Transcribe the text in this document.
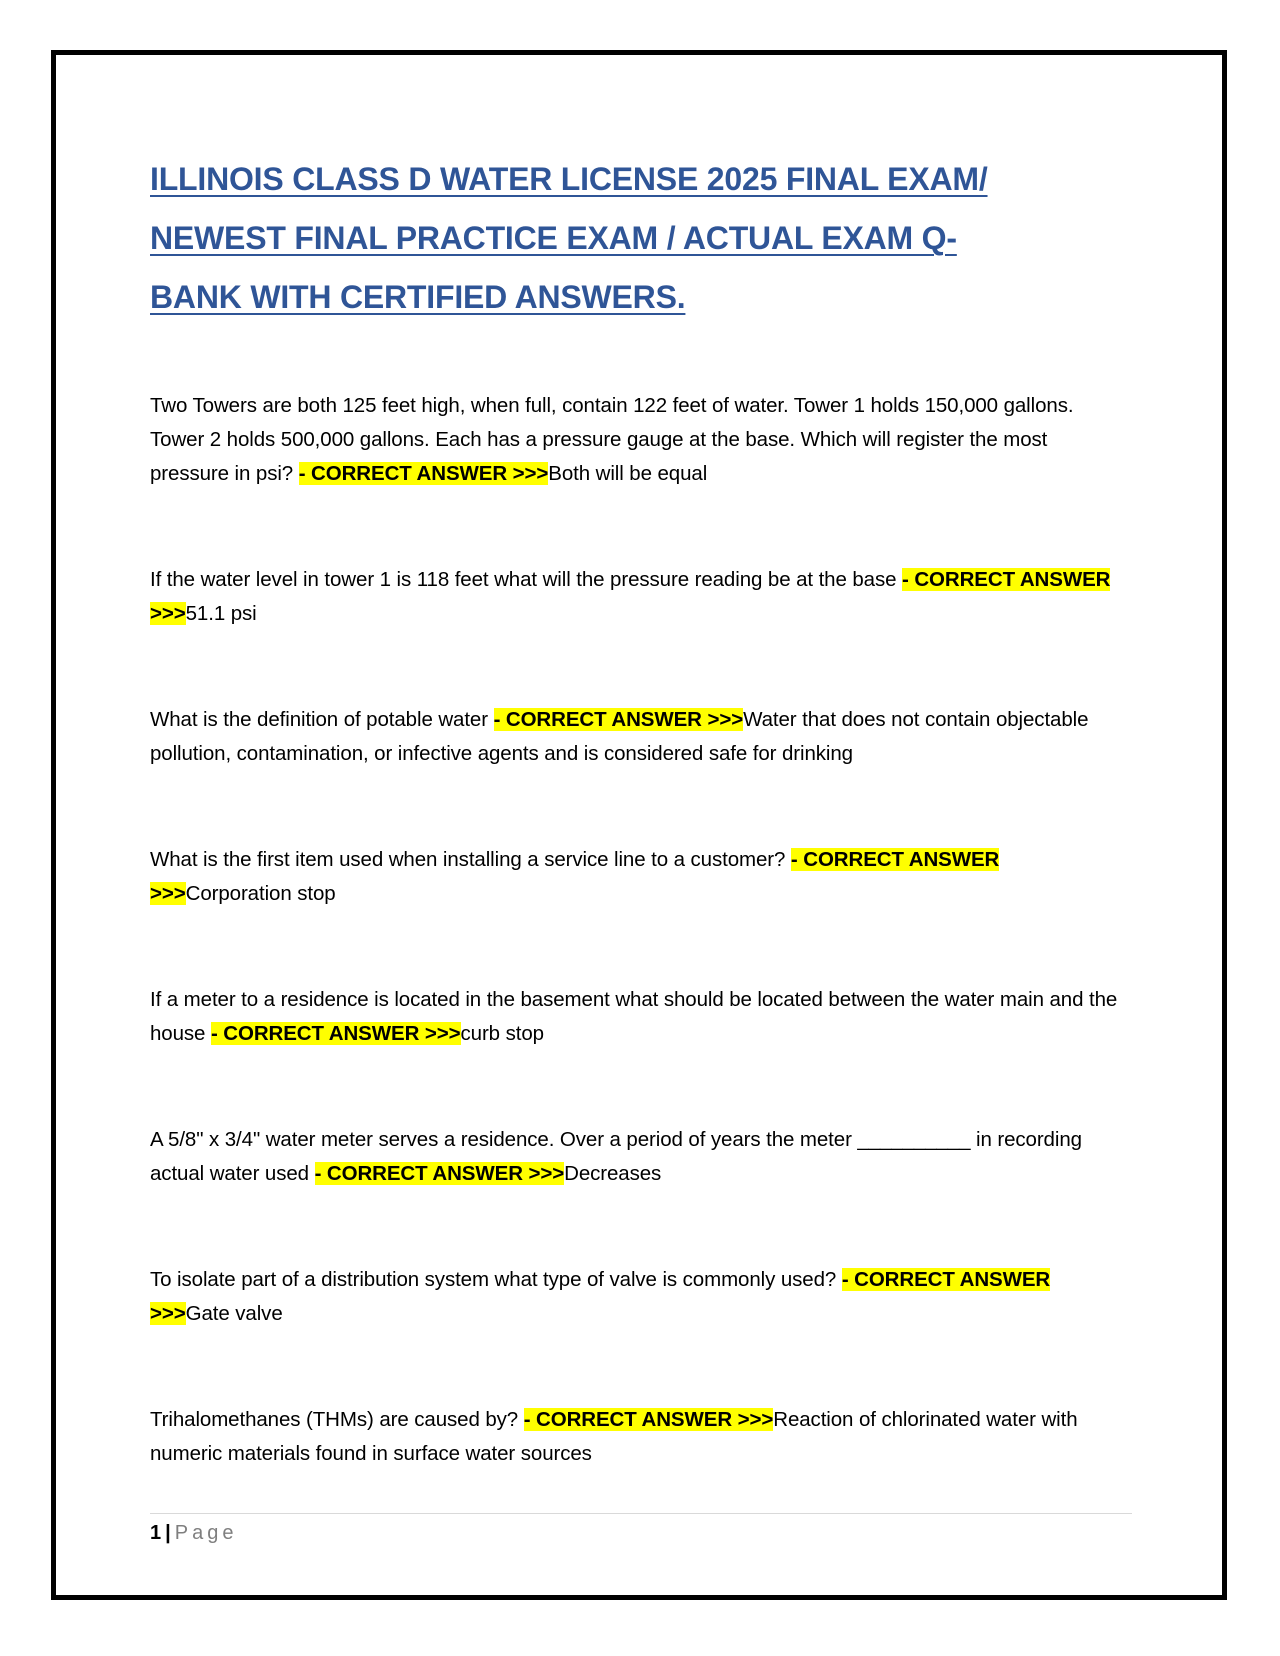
ILLINOIS CLASS D WATER LICENSE 2025 FINAL EXAM/
NEWEST FINAL PRACTICE EXAM / ACTUAL EXAM Q-
BANK WITH CERTIFIED ANSWERS.

Two Towers are both 125 feet high, when full, contain 122 feet of water. Tower 1 holds 150,000 gallons. Tower 2 holds 500,000 gallons. Each has a pressure gauge at the base. Which will register the most pressure in psi? - CORRECT ANSWER >>>Both will be equal

If the water level in tower 1 is 118 feet what will the pressure reading be at the base - CORRECT ANSWER >>>51.1 psi

What is the definition of potable water - CORRECT ANSWER >>>Water that does not contain objectable pollution, contamination, or infective agents and is considered safe for drinking

What is the first item used when installing a service line to a customer? - CORRECT ANSWER >>>Corporation stop

If a meter to a residence is located in the basement what should be located between the water main and the house - CORRECT ANSWER >>>curb stop

A 5/8" x 3/4" water meter serves a residence. Over a period of years the meter __________ in recording actual water used - CORRECT ANSWER >>>Decreases

To isolate part of a distribution system what type of valve is commonly used? - CORRECT ANSWER >>>Gate valve

Trihalomethanes (THMs) are caused by? - CORRECT ANSWER >>>Reaction of chlorinated water with numeric materials found in surface water sources

1 | Page
